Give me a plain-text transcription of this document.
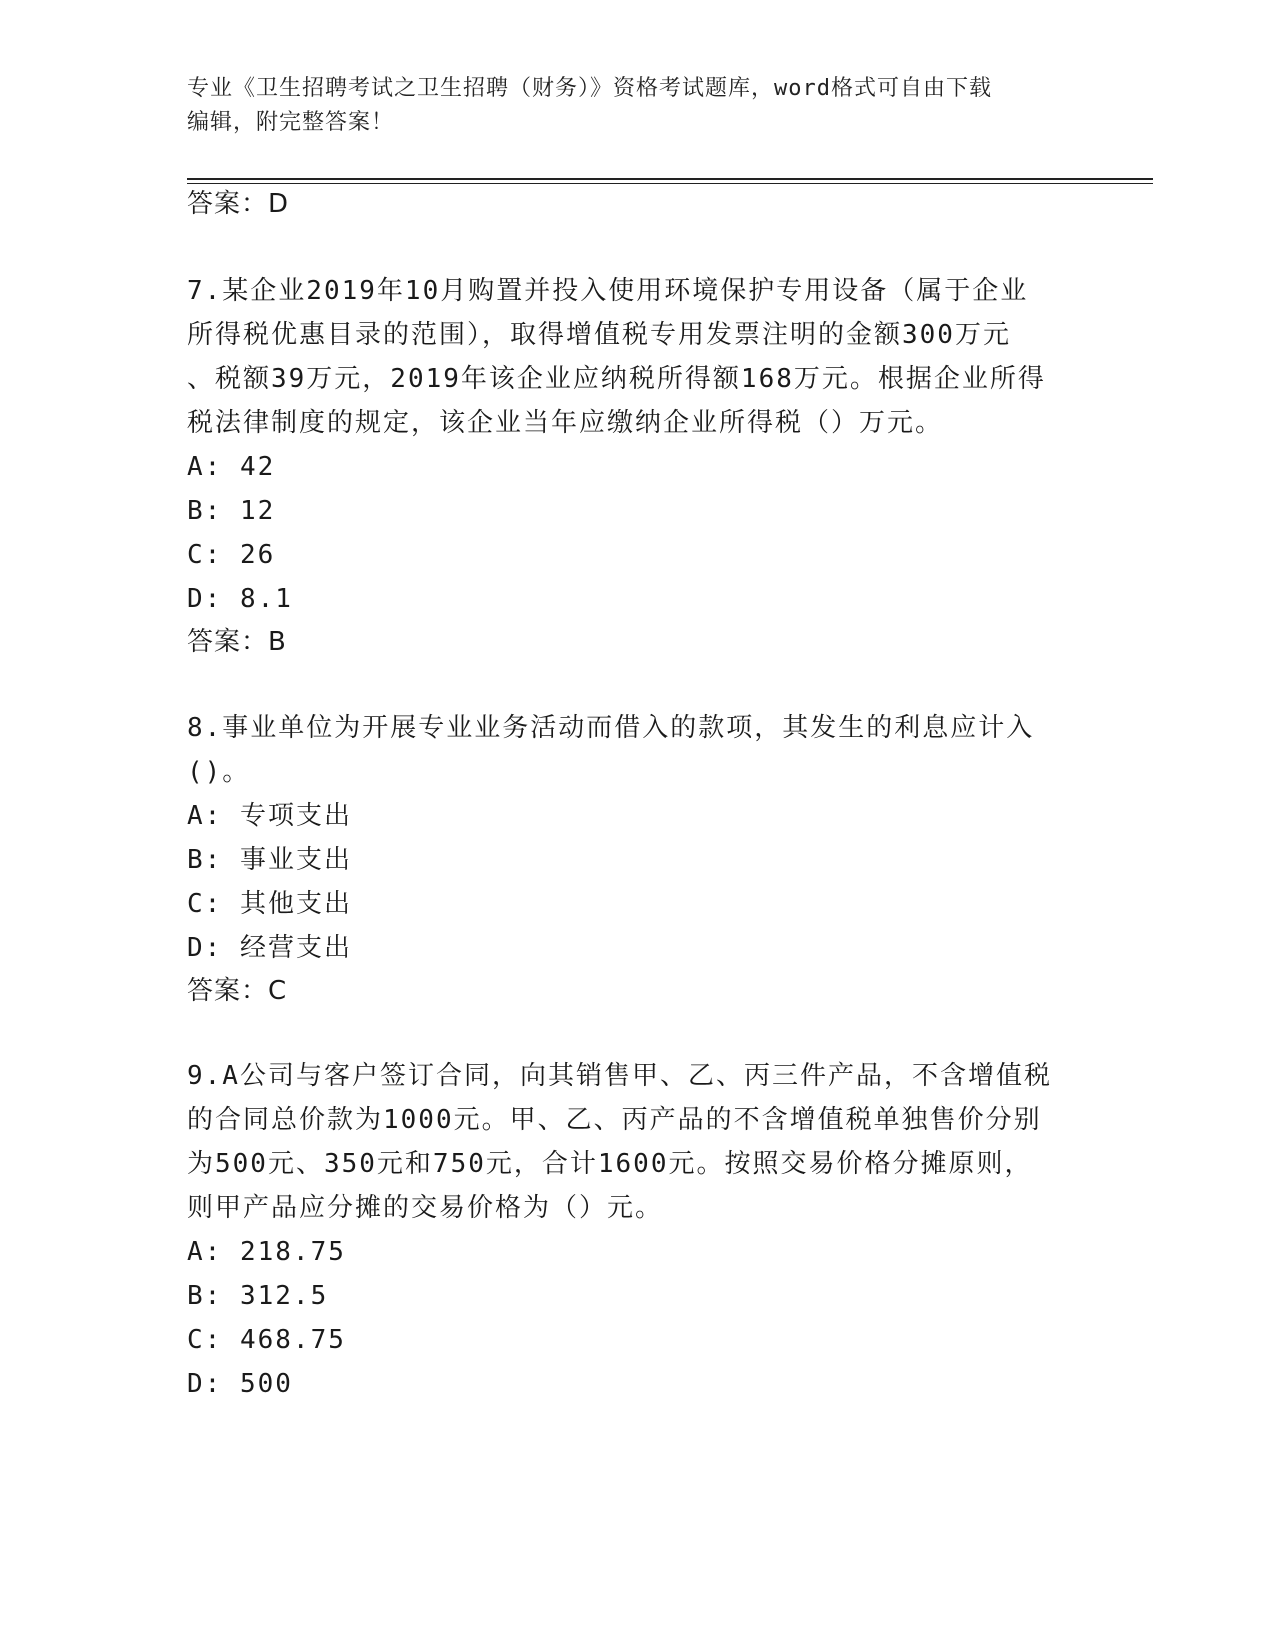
专业《卫生招聘考试之卫生招聘（财务）》资格考试题库，word格式可自由下载
编辑，附完整答案！

答案：D

7.某企业2019年10月购置并投入使用环境保护专用设备（属于企业

所得税优惠目录的范围），取得增值税专用发票注明的金额300万元

、税额39万元，2019年该企业应纳税所得额168万元。根据企业所得

税法律制度的规定，该企业当年应缴纳企业所得税（）万元。

A: 42

B: 12

C: 26

D: 8.1

答案：B

8.事业单位为开展专业业务活动而借入的款项，其发生的利息应计入

()。

A: 专项支出

B: 事业支出

C: 其他支出

D: 经营支出

答案：C

9.A公司与客户签订合同，向其销售甲、乙、丙三件产品，不含增值税

的合同总价款为1000元。甲、乙、丙产品的不含增值税单独售价分别

为500元、350元和750元，合计1600元。按照交易价格分摊原则，

则甲产品应分摊的交易价格为（）元。

A: 218.75

B: 312.5

C: 468.75

D: 500
